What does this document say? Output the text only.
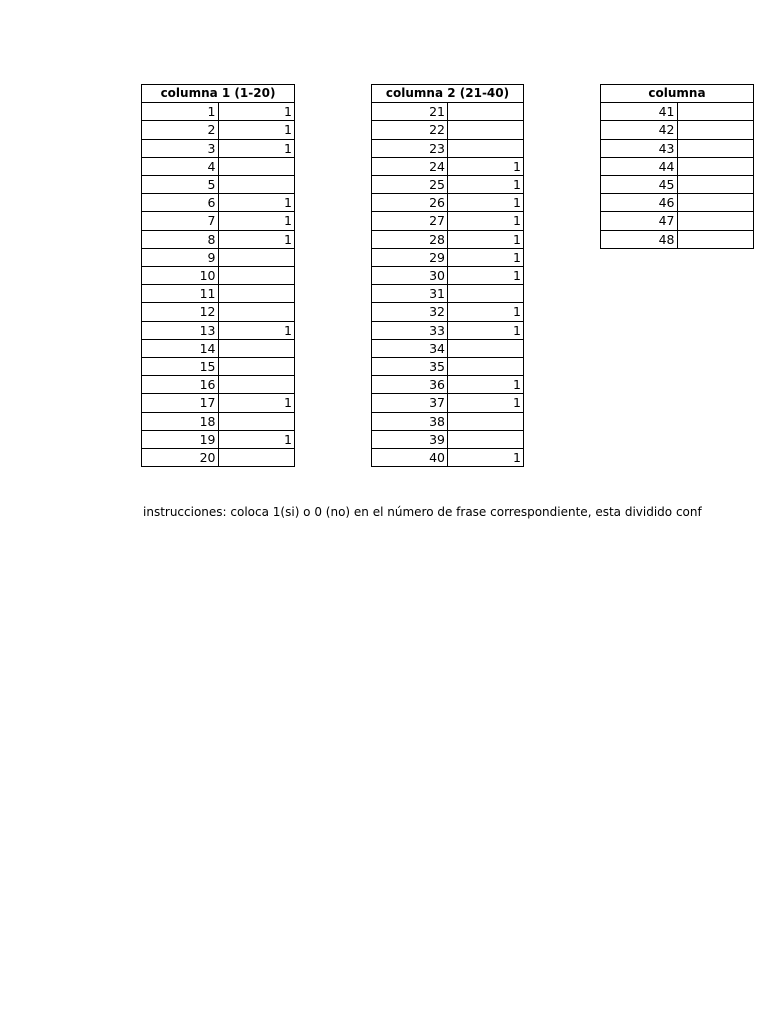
columna 1 (1-20)	
1	1
2	1
3	1
4	
5	
6	1
7	1
8	1
9	
10	
11	
12	
13	1
14	
15	
16	
17	1
18	
19	1
20	
columna 2 (21-40)	
21	
22	
23	
24	1
25	1
26	1
27	1
28	1
29	1
30	1
31	
32	1
33	1
34	
35	
36	1
37	1
38	
39	
40	1
columna	
41	
42	
43	
44	
45	
46	
47	
48	
instrucciones: coloca 1(si) o 0 (no) en el número de frase correspondiente, esta dividido conf
